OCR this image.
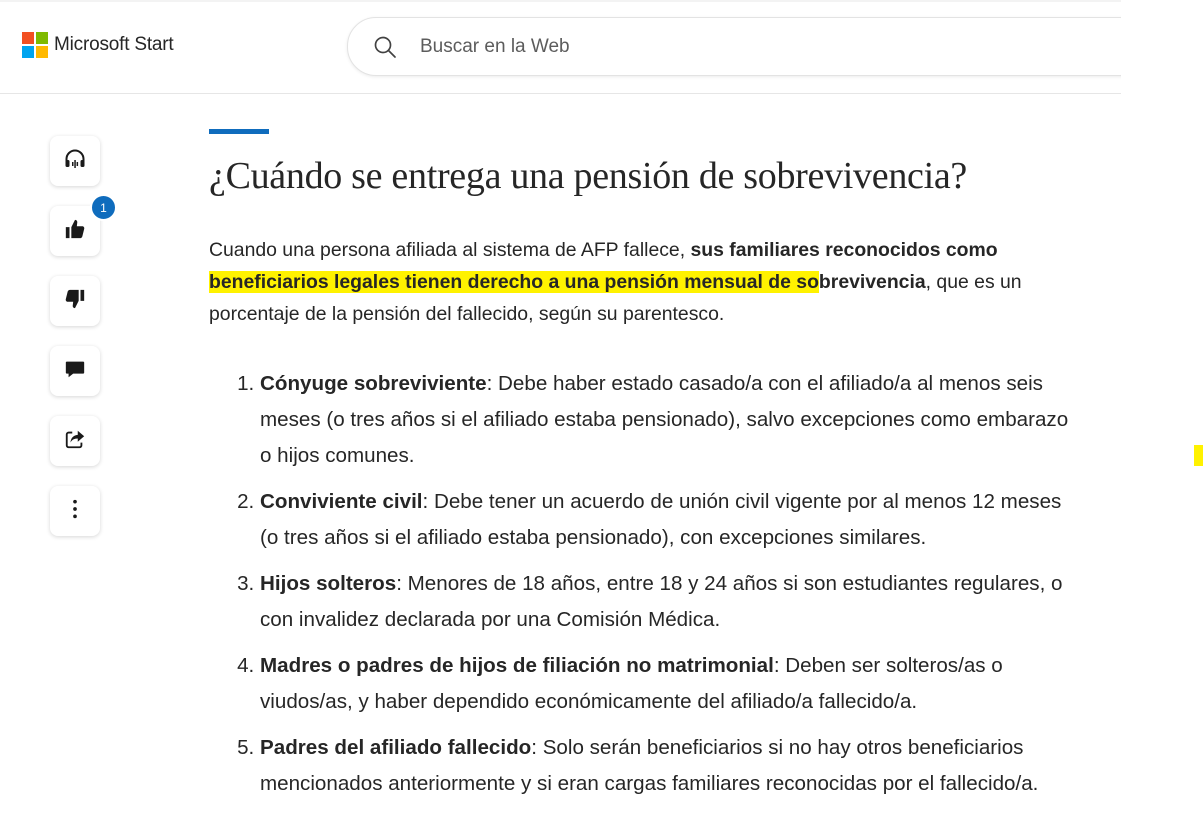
Microsoft Start
Buscar en la Web
1
¿Cuándo se entrega una pensión de sobrevivencia?

Cuando una persona afiliada al sistema de AFP fallece, sus familiares reconocidos como beneficiarios legales tienen derecho a una pensión mensual de sobrevivencia, que es un porcentaje de la pensión del fallecido, según su parentesco.

1. Cónyuge sobreviviente: Debe haber estado casado/a con el afiliado/a al menos seis meses (o tres años si el afiliado estaba pensionado), salvo excepciones como embarazo o hijos comunes.
2. Conviviente civil: Debe tener un acuerdo de unión civil vigente por al menos 12 meses (o tres años si el afiliado estaba pensionado), con excepciones similares.
3. Hijos solteros: Menores de 18 años, entre 18 y 24 años si son estudiantes regulares, o con invalidez declarada por una Comisión Médica.
4. Madres o padres de hijos de filiación no matrimonial: Deben ser solteros/as o viudos/as, y haber dependido económicamente del afiliado/a fallecido/a.
5. Padres del afiliado fallecido: Solo serán beneficiarios si no hay otros beneficiarios mencionados anteriormente y si eran cargas familiares reconocidas por el fallecido/a.
